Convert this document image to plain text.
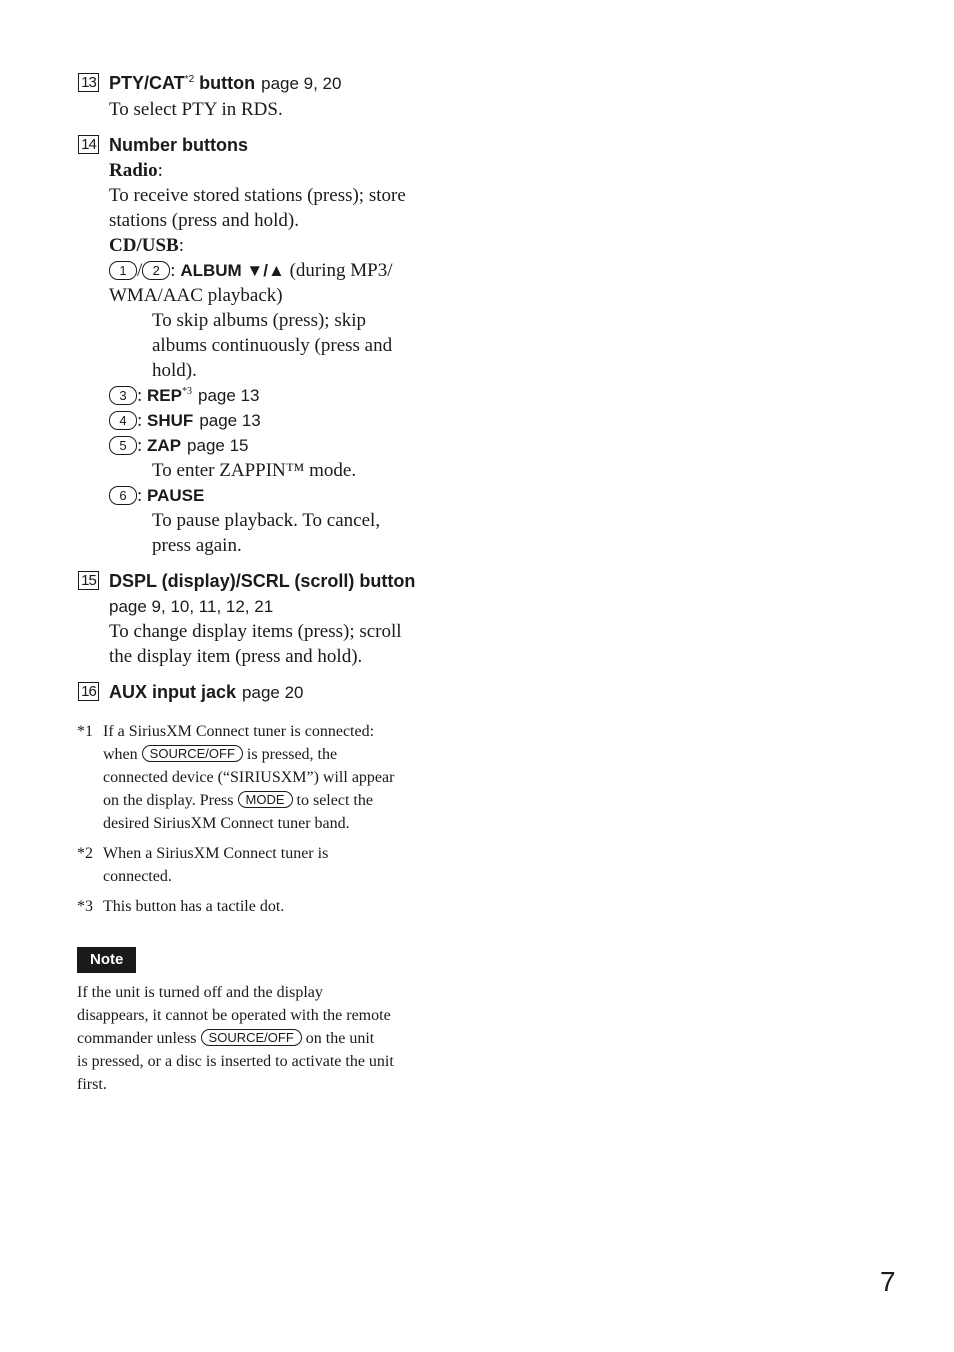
13 PTY/CAT$^{*2}$ button page 9, 20
To select PTY in RDS.
14 Number buttons
Radio:
To receive stored stations (press); store
stations (press and hold).
CD/USB:
1 / 2 : ALBUM ▼/▲ (during MP3/
WMA/AAC playback)
To skip albums (press); skip
albums continuously (press and
hold).
3 : REP$^{*3}$ page 13
4 : SHUF page 13
5 : ZAP page 15
To enter ZAPPIN™ mode.
6 : PAUSE
To pause playback. To cancel,
press again.
15 DSPL (display)/SCRL (scroll) button
page 9, 10, 11, 12, 21
To change display items (press); scroll
the display item (press and hold).
16 AUX input jack page 20
*1 If a SiriusXM Connect tuner is connected:
when SOURCE/OFF is pressed, the
connected device (“SIRIUSXM”) will appear
on the display. Press MODE to select the
desired SiriusXM Connect tuner band.
*2 When a SiriusXM Connect tuner is
connected.
*3 This button has a tactile dot.
Note
If the unit is turned off and the display
disappears, it cannot be operated with the remote
commander unless SOURCE/OFF on the unit
is pressed, or a disc is inserted to activate the unit
first.
7
